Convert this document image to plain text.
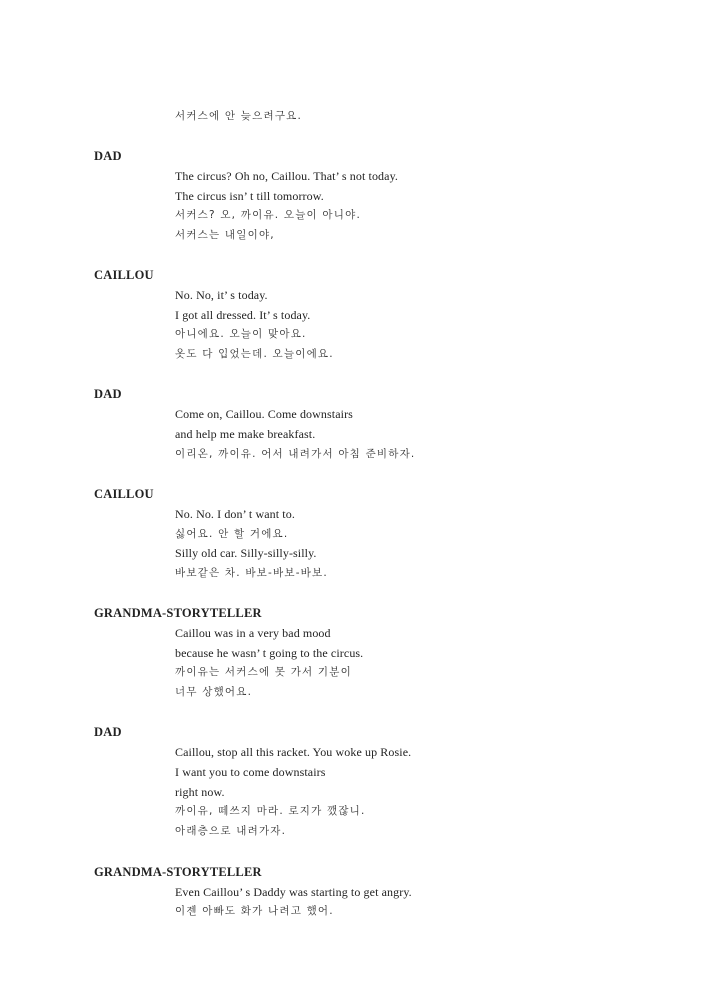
서커스에 안 늦으려구요.
DAD
The circus? Oh no, Caillou. That’ s not today.
The circus isn’ t till tomorrow.
서커스? 오, 까이유. 오늘이 아니야.
서커스는 내일이야,
CAILLOU
No. No, it’ s today.
I got all dressed. It’ s today.
아니에요. 오늘이 맞아요.
옷도 다 입었는데. 오늘이에요.
DAD
Come on, Caillou. Come downstairs
and help me make breakfast.
이리온, 까이유. 어서 내려가서 아침 준비하자.
CAILLOU
No. No. I don’ t want to.
싫어요. 안 할 거에요.
Silly old car. Silly-silly-silly.
바보같은 차. 바보-바보-바보.
GRANDMA-STORYTELLER
Caillou was in a very bad mood
because he wasn’ t going to the circus.
까이유는 서커스에 못 가서 기분이
너무 상했어요.
DAD
Caillou, stop all this racket. You woke up Rosie.
I want you to come downstairs
right now.
까이유, 떼쓰지 마라. 로지가 깼잖니.
아래층으로 내려가자.
GRANDMA-STORYTELLER
Even Caillou’ s Daddy was starting to get angry.
이젠 아빠도 화가 나려고 했어.
